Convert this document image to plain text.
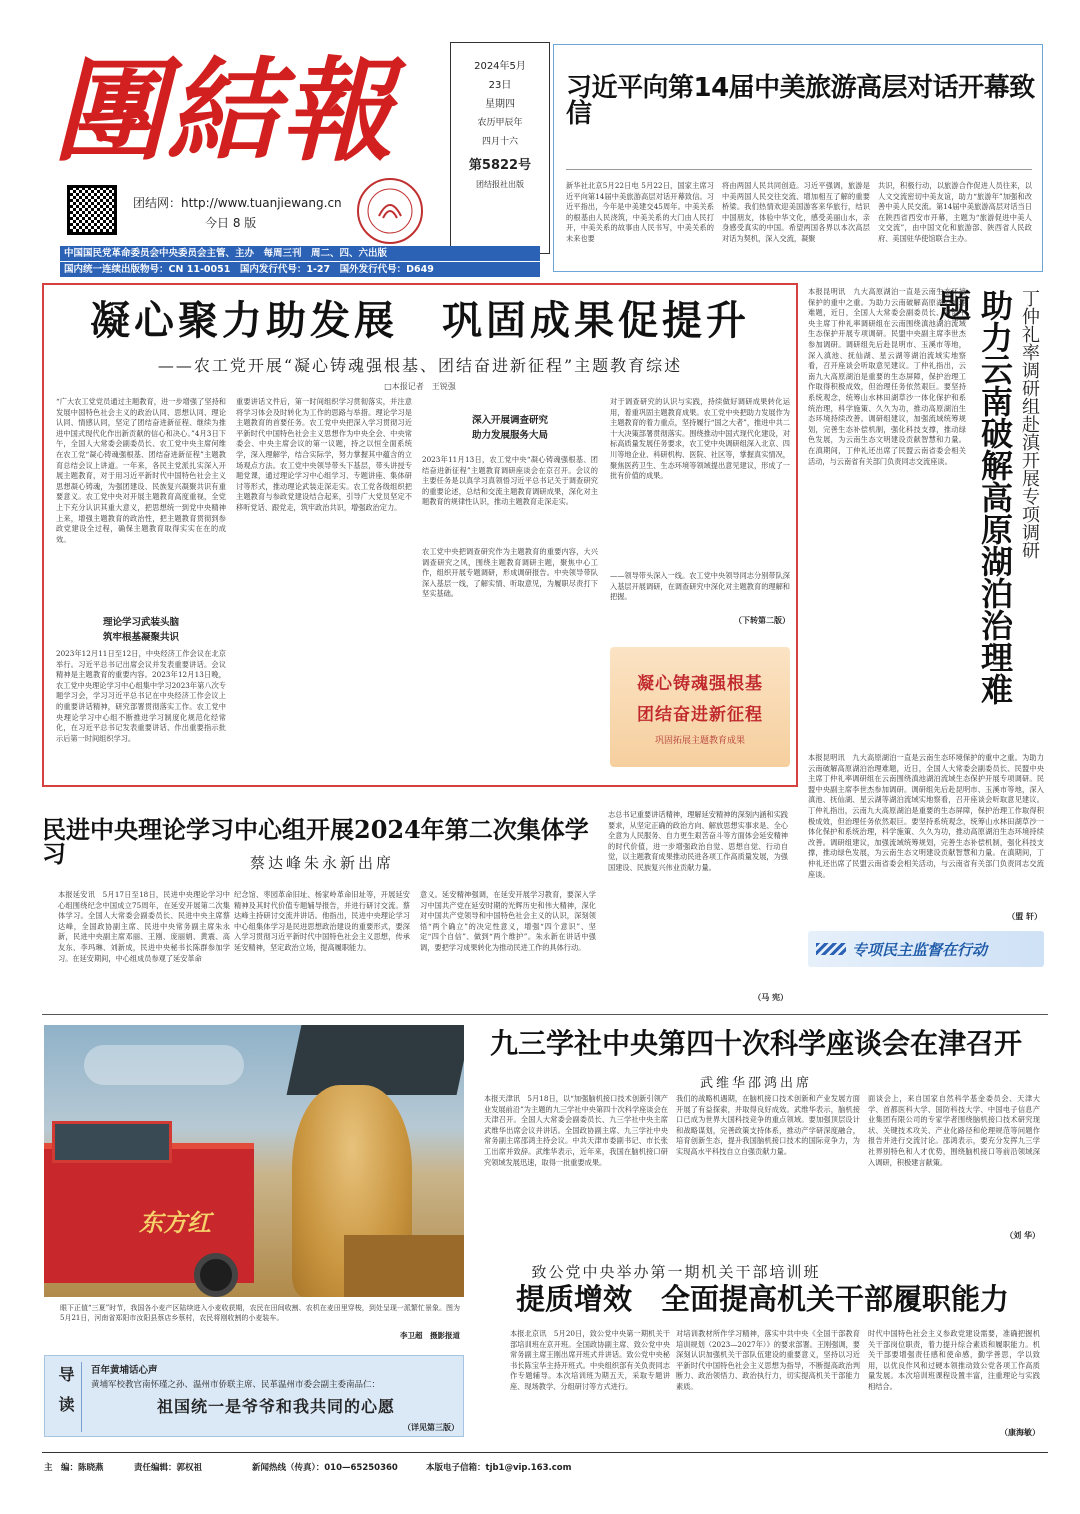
團結報	2024年5月
23日
星期四
农历甲辰年
四月十六
第5822号
团结报社出版
团结网：http://www.tuanjiewang.cn
今日 8 版
中国国民党革命委员会中央委员会主管、主办　每周三刊　周二、四、六出版
国内统一连续出版物号：CN 11-0051　国内发行代号：1-27　国外发行代号：D649
习近平向第14届中美旅游高层对话开幕致信
新华社北京5月22日电 5月22日，国家主席习近平向第14届中美旅游高层对话开幕致信。习近平指出，今年是中美建交45周年。中美关系的根基由人民浇筑，中美关系的大门由人民打开，中美关系的故事由人民书写，中美关系的未来也要
将由两国人民共同创造。习近平强调，旅游是中美两国人民交往交流、增加相互了解的重要桥梁。我们热情欢迎美国游客来华旅行，结识中国朋友，体验中华文化，感受美丽山水，亲身感受真实的中国。希望两国各界以本次高层对话为契机，深入交流，凝聚
共识，积极行动，以旅游合作促进人员往来，以人文交流密切中美友谊，助力“旅游年”加强和改善中美人民交流。第14届中美旅游高层对话当日在陕西省西安市开幕，主题为“旅游促进中美人文交流”，由中国文化和旅游部、陕西省人民政府、美国驻华使馆联合主办。
凝心聚力助发展　巩固成果促提升
——农工党开展“凝心铸魂强根基、团结奋进新征程”主题教育综述
□本报记者　王锐强
“广大农工党党员通过主题教育，进一步增强了坚持和发展中国特色社会主义的政治认同、思想认同、理论认同、情感认同，坚定了团结奋进新征程、继续为推进中国式现代化作出新贡献的信心和决心。”4月3日下午，全国人大常委会副委员长、农工党中央主席何维在农工党“凝心铸魂强根基、团结奋进新征程”主题教育总结会议上讲道。一年来，各民主党派扎实深入开展主题教育，对于用习近平新时代中国特色社会主义思想凝心铸魂，为强团建设、民族复兴凝聚共识有重要意义。农工党中央对开展主题教育高度重视，全党上下充分认识其重大意义，把思想统一到党中央精神上来，增强主题教育的政治性，把主题教育贯彻到参政党建设全过程，确保主题教育取得实实在在的成效。
理论学习武装头脑
筑牢根基凝聚共识
2023年12月11日至12日，中央经济工作会议在北京举行。习近平总书记出席会议并发表重要讲话。会议精神是主题教育的重要内容。2023年12月13日晚，农工党中央理论学习中心组集中学习2023年第八次专题学习会，学习习近平总书记在中央经济工作会议上的重要讲话精神，研究部署贯彻落实工作。农工党中央理论学习中心组不断推进学习制度化规范化经常化，在习近平总书记发表重要讲话、作出重要指示批示后第一时间组织学习。
重要讲话文件后，第一时间组织学习贯彻落实，并注意将学习体会及时转化为工作的思路与举措。理论学习是主题教育的首要任务。农工党中央把深入学习贯彻习近平新时代中国特色社会主义思想作为中央全会、中央常委会、中央主席会议的第一议题，持之以恒全面系统学，深入理解学，结合实际学，努力掌握其中蕴含的立场观点方法。农工党中央领导带头下基层，带头讲授专题党课，通过理论学习中心组学习、专题讲座、集体研讨等形式，推动理论武装走深走实。农工党各级组织把主题教育与参政党建设结合起来，引导广大党员坚定不移听党话、跟党走，筑牢政治共识，增强政治定力。
深入开展调查研究
助力发展服务大局
2023年11月13日，农工党中央“凝心铸魂强根基、团结奋进新征程”主题教育调研座谈会在京召开。会议的主要任务是以真学习真领悟习近平总书记关于调查研究的重要论述，总结和交流主题教育调研成果，深化对主题教育的规律性认识，推动主题教育走深走实。
农工党中央把调查研究作为主题教育的重要内容，大兴调查研究之风，围绕主题教育调研主题，聚焦中心工作，组织开展专题调研，形成调研报告。中央领导带队深入基层一线，了解实情、听取意见，为履职尽责打下坚实基础。
对于调查研究的认识与实践，持续做好调研成果转化运用，着重巩固主题教育成果。农工党中央把助力发展作为主题教育的着力重点，坚持履行“国之大者”，推进中共二十大决策部署贯彻落实。围绕推动中国式现代化建设，对标高质量发展任务要求，农工党中央调研组深入北京、四川等地企业、科研机构、医院、社区等，掌握真实情况，聚焦医药卫生、生态环境等领域提出意见建议，形成了一批有价值的成果。
——领导带头深入一线。农工党中央领导同志分别带队深入基层开展调研，在调查研究中深化对主题教育的理解和把握。
（下转第二版）
凝心铸魂强根基
团结奋进新征程
巩固拓展主题教育成果
丁仲礼率调研组赴滇开展专项调研
助力云南破解高原湖泊治理难题
本报昆明讯　九大高原湖泊一直是云南生态环境保护的重中之重。为助力云南破解高原湖泊治理难题，近日，全国人大常委会副委员长、民盟中央主席丁仲礼率调研组在云南围绕滇池湖泊流域生态保护开展专项调研。民盟中央副主席李世杰参加调研。调研组先后赴昆明市、玉溪市等地，深入滇池、抚仙湖、星云湖等湖泊流域实地察看，召开座谈会听取意见建议。丁仲礼指出，云南九大高原湖泊是重要的生态屏障，保护治理工作取得积极成效，但治理任务依然艰巨。要坚持系统观念，统筹山水林田湖草沙一体化保护和系统治理，科学施策、久久为功，推动高原湖泊生态环境持续改善。调研组建议，加强流域统筹规划，完善生态补偿机制，强化科技支撑，推动绿色发展，为云南生态文明建设贡献智慧和力量。在滇期间，丁仲礼还出席了民盟云南省委会相关活动，与云南省有关部门负责同志交流座谈。
本报昆明讯　九大高原湖泊一直是云南生态环境保护的重中之重。为助力云南破解高原湖泊治理难题，近日，全国人大常委会副委员长、民盟中央主席丁仲礼率调研组在云南围绕滇池湖泊流域生态保护开展专项调研。民盟中央副主席李世杰参加调研。调研组先后赴昆明市、玉溪市等地，深入滇池、抚仙湖、星云湖等湖泊流域实地察看，召开座谈会听取意见建议。丁仲礼指出，云南九大高原湖泊是重要的生态屏障，保护治理工作取得积极成效，但治理任务依然艰巨。要坚持系统观念，统筹山水林田湖草沙一体化保护和系统治理，科学施策、久久为功，推动高原湖泊生态环境持续改善。调研组建议，加强流域统筹规划，完善生态补偿机制，强化科技支撑，推动绿色发展，为云南生态文明建设贡献智慧和力量。在滇期间，丁仲礼还出席了民盟云南省委会相关活动，与云南省有关部门负责同志交流座谈。
（盟 轩）
专项民主监督在行动
民进中央理论学习中心组开展2024年第二次集体学习	蔡达峰朱永新出席
本报延安讯　5月17日至18日，民进中央理论学习中心组围绕纪念中国成立75周年，在延安开展第二次集体学习。全国人大常委会副委员长、民进中央主席蔡达峰，全国政协副主席、民进中央常务副主席朱永新，民进中央副主席邓丽、王刚、庞丽娟、黄震、高友东、李玛琳、刘新成，民进中央秘书长陈群参加学习。在延安期间，中心组成员参观了延安革命
纪念馆、枣园革命旧址、杨家岭革命旧址等，开展延安精神及其时代价值专题辅导报告，并进行研讨交流。蔡达峰主持研讨交流并讲话。他指出，民进中央理论学习中心组集体学习是民进思想政治建设的重要形式，要深入学习贯彻习近平新时代中国特色社会主义思想，传承延安精神，坚定政治立场，提高履职能力。
意义。延安精神强调，在延安开展学习教育，要深入学习中国共产党在延安时期的光辉历史和伟大精神，深化对中国共产党领导和中国特色社会主义的认识，深刻领悟“两个确立”的决定性意义，增强“四个意识”、坚定“四个自信”、做到“两个维护”。朱永新在讲话中强调，要把学习成果转化为推动民进工作的具体行动。
志总书记重要讲话精神，理解延安精神的深刻内涵和实践要求，从坚定正确的政治方向、解放思想实事求是、全心全意为人民服务、自力更生艰苦奋斗等方面体会延安精神的时代价值，进一步增强政治自觉、思想自觉、行动自觉，以主题教育成果推动民进各项工作高质量发展，为强国建设、民族复兴伟业贡献力量。
（马 宪）
东方红
眼下正值“三夏”时节，我国各小麦产区陆续进入小麦收获期，农民在田间收割、农机在麦田里穿梭，到处呈现一派繁忙景象。图为5月21日，河南省郑阳市汝阳县蔡店乡蔡村，农民将刚收割的小麦装车。
李卫超　摄影报道
九三学社中央第四十次科学座谈会在津召开
武维华邵鸿出席
本报天津讯　5月18日，以“加强脑机接口技术创新引领产业发展前沿”为主题的九三学社中央第四十次科学座谈会在天津召开。全国人大常委会副委员长、九三学社中央主席武维华出席会议并讲话。全国政协副主席、九三学社中央常务副主席邵鸿主持会议。中共天津市委副书记、市长张工出席并致辞。武维华表示，近年来，我国在脑机接口研究领域发展迅速，取得一批重要成果。
我们的战略机遇期，在脑机接口技术创新和产业发展方面开展了有益探索，并取得良好成效。武维华表示，脑机接口已成为世界大国科技竞争的重点领域。要加强顶层设计和战略谋划，完善政策支持体系，推动产学研深度融合，培育创新生态，提升我国脑机接口技术的国际竞争力，为实现高水平科技自立自强贡献力量。
面谈会上，来自国家自然科学基金委员会、天津大学、首都医科大学、国防科技大学、中国电子信息产业集团有限公司的专家学者围绕脑机接口技术研究现状、关键技术攻关、产业化路径和伦理规范等问题作报告并进行交流讨论。邵鸿表示，要充分发挥九三学社界别特色和人才优势，围绕脑机接口等前沿领域深入调研，积极建言献策。
（刘 华）
致公党中央举办第一期机关干部培训班
提质增效　全面提高机关干部履职能力
本报北京讯　5月20日，致公党中央第一期机关干部培训班在京开班。全国政协副主席、致公党中央常务副主席王刚出席开班式并讲话。致公党中央秘书长陈宝华主持开班式。中央组织部有关负责同志作专题辅导。本次培训班为期五天，采取专题讲座、现场教学、分组研讨等方式进行。
对培训教材所作学习精神，落实中共中央《全国干部教育培训规划（2023—2027年）》的要求部署。王刚强调，要深刻认识加强机关干部队伍建设的重要意义，坚持以习近平新时代中国特色社会主义思想为指导，不断提高政治判断力、政治领悟力、政治执行力，切实提高机关干部能力素质。
时代中国特色社会主义参政党建设需要，准确把握机关干部岗位职责，着力提升综合素质和履职能力。机关干部要增强责任感和使命感，勤学善思，学以致用，以优良作风和过硬本领推动致公党各项工作高质量发展。本次培训班课程设置丰富，注重理论与实践相结合。
（康海敏）
导读 百年黄埔话心声
黄埔军校教官南怀瑾之孙、温州市侨联主席、民革温州市委会副主委南品仁：
祖国统一是爷爷和我共同的心愿
（详见第三版）
主　编：陈晓燕	责任编辑：郭权祖	新闻热线（传真）：010—65250360	本版电子信箱：tjb1@vip.163.com
